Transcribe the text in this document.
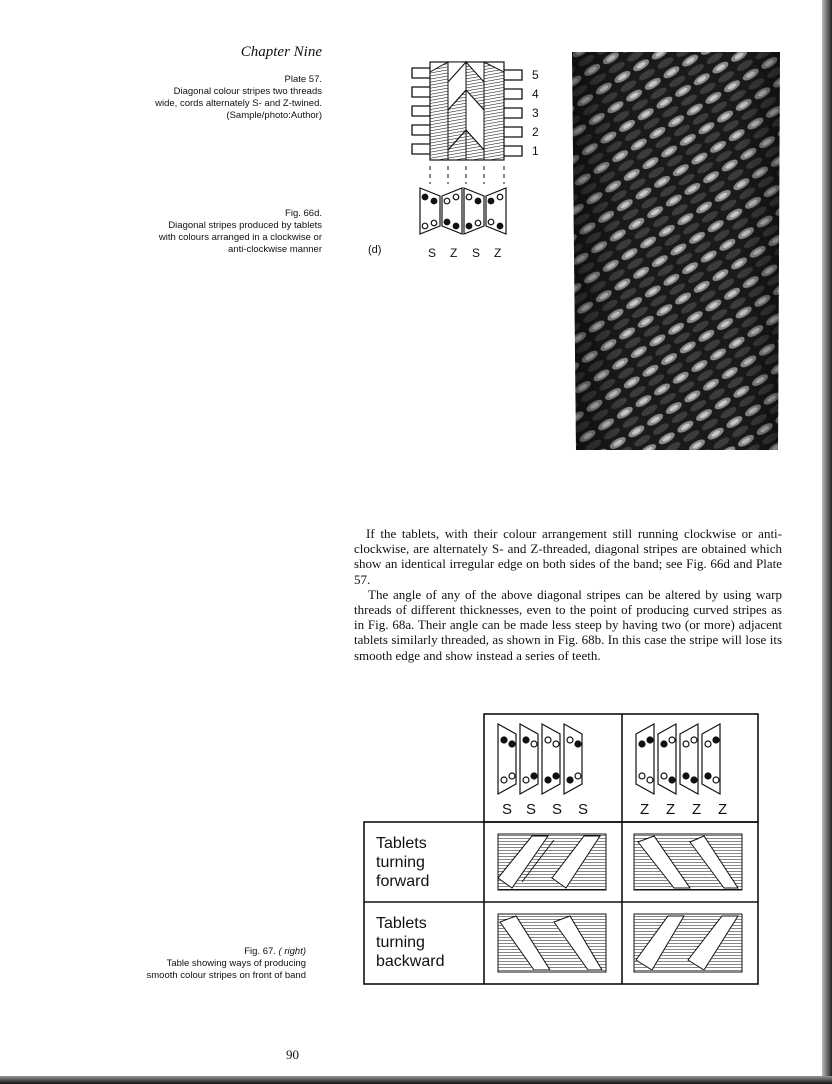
Chapter Nine
Plate 57.
Diagonal colour stripes two threads
wide, cords alternately S- and Z-twined.
(Sample/photo:Author)
Fig. 66d.
Diagonal stripes produced by tablets
with colours arranged in a clockwise or
anti-clockwise manner	(d)
5
4
3
2
1
S Z S Z

If the tablets, with their colour arrangement still running clockwise or anti-clockwise, are alternately S- and Z-threaded, diagonal stripes are obtained which show an identical irregular edge on both sides of the band; see Fig. 66d and Plate 57.

The angle of any of the above diagonal stripes can be altered by using warp threads of different thicknesses, even to the point of producing curved stripes as in Fig. 68a. Their angle can be made less steep by having two (or more) adjacent tablets similarly threaded, as shown in Fig. 68b. In this case the stripe will lose its smooth edge and show instead a series of teeth.

S S S S	Z Z Z Z
Tablets
turning
forward
Tablets
turning
backward
Fig. 67. ( right)
Table showing ways of producing
smooth colour stripes on front of band
90
